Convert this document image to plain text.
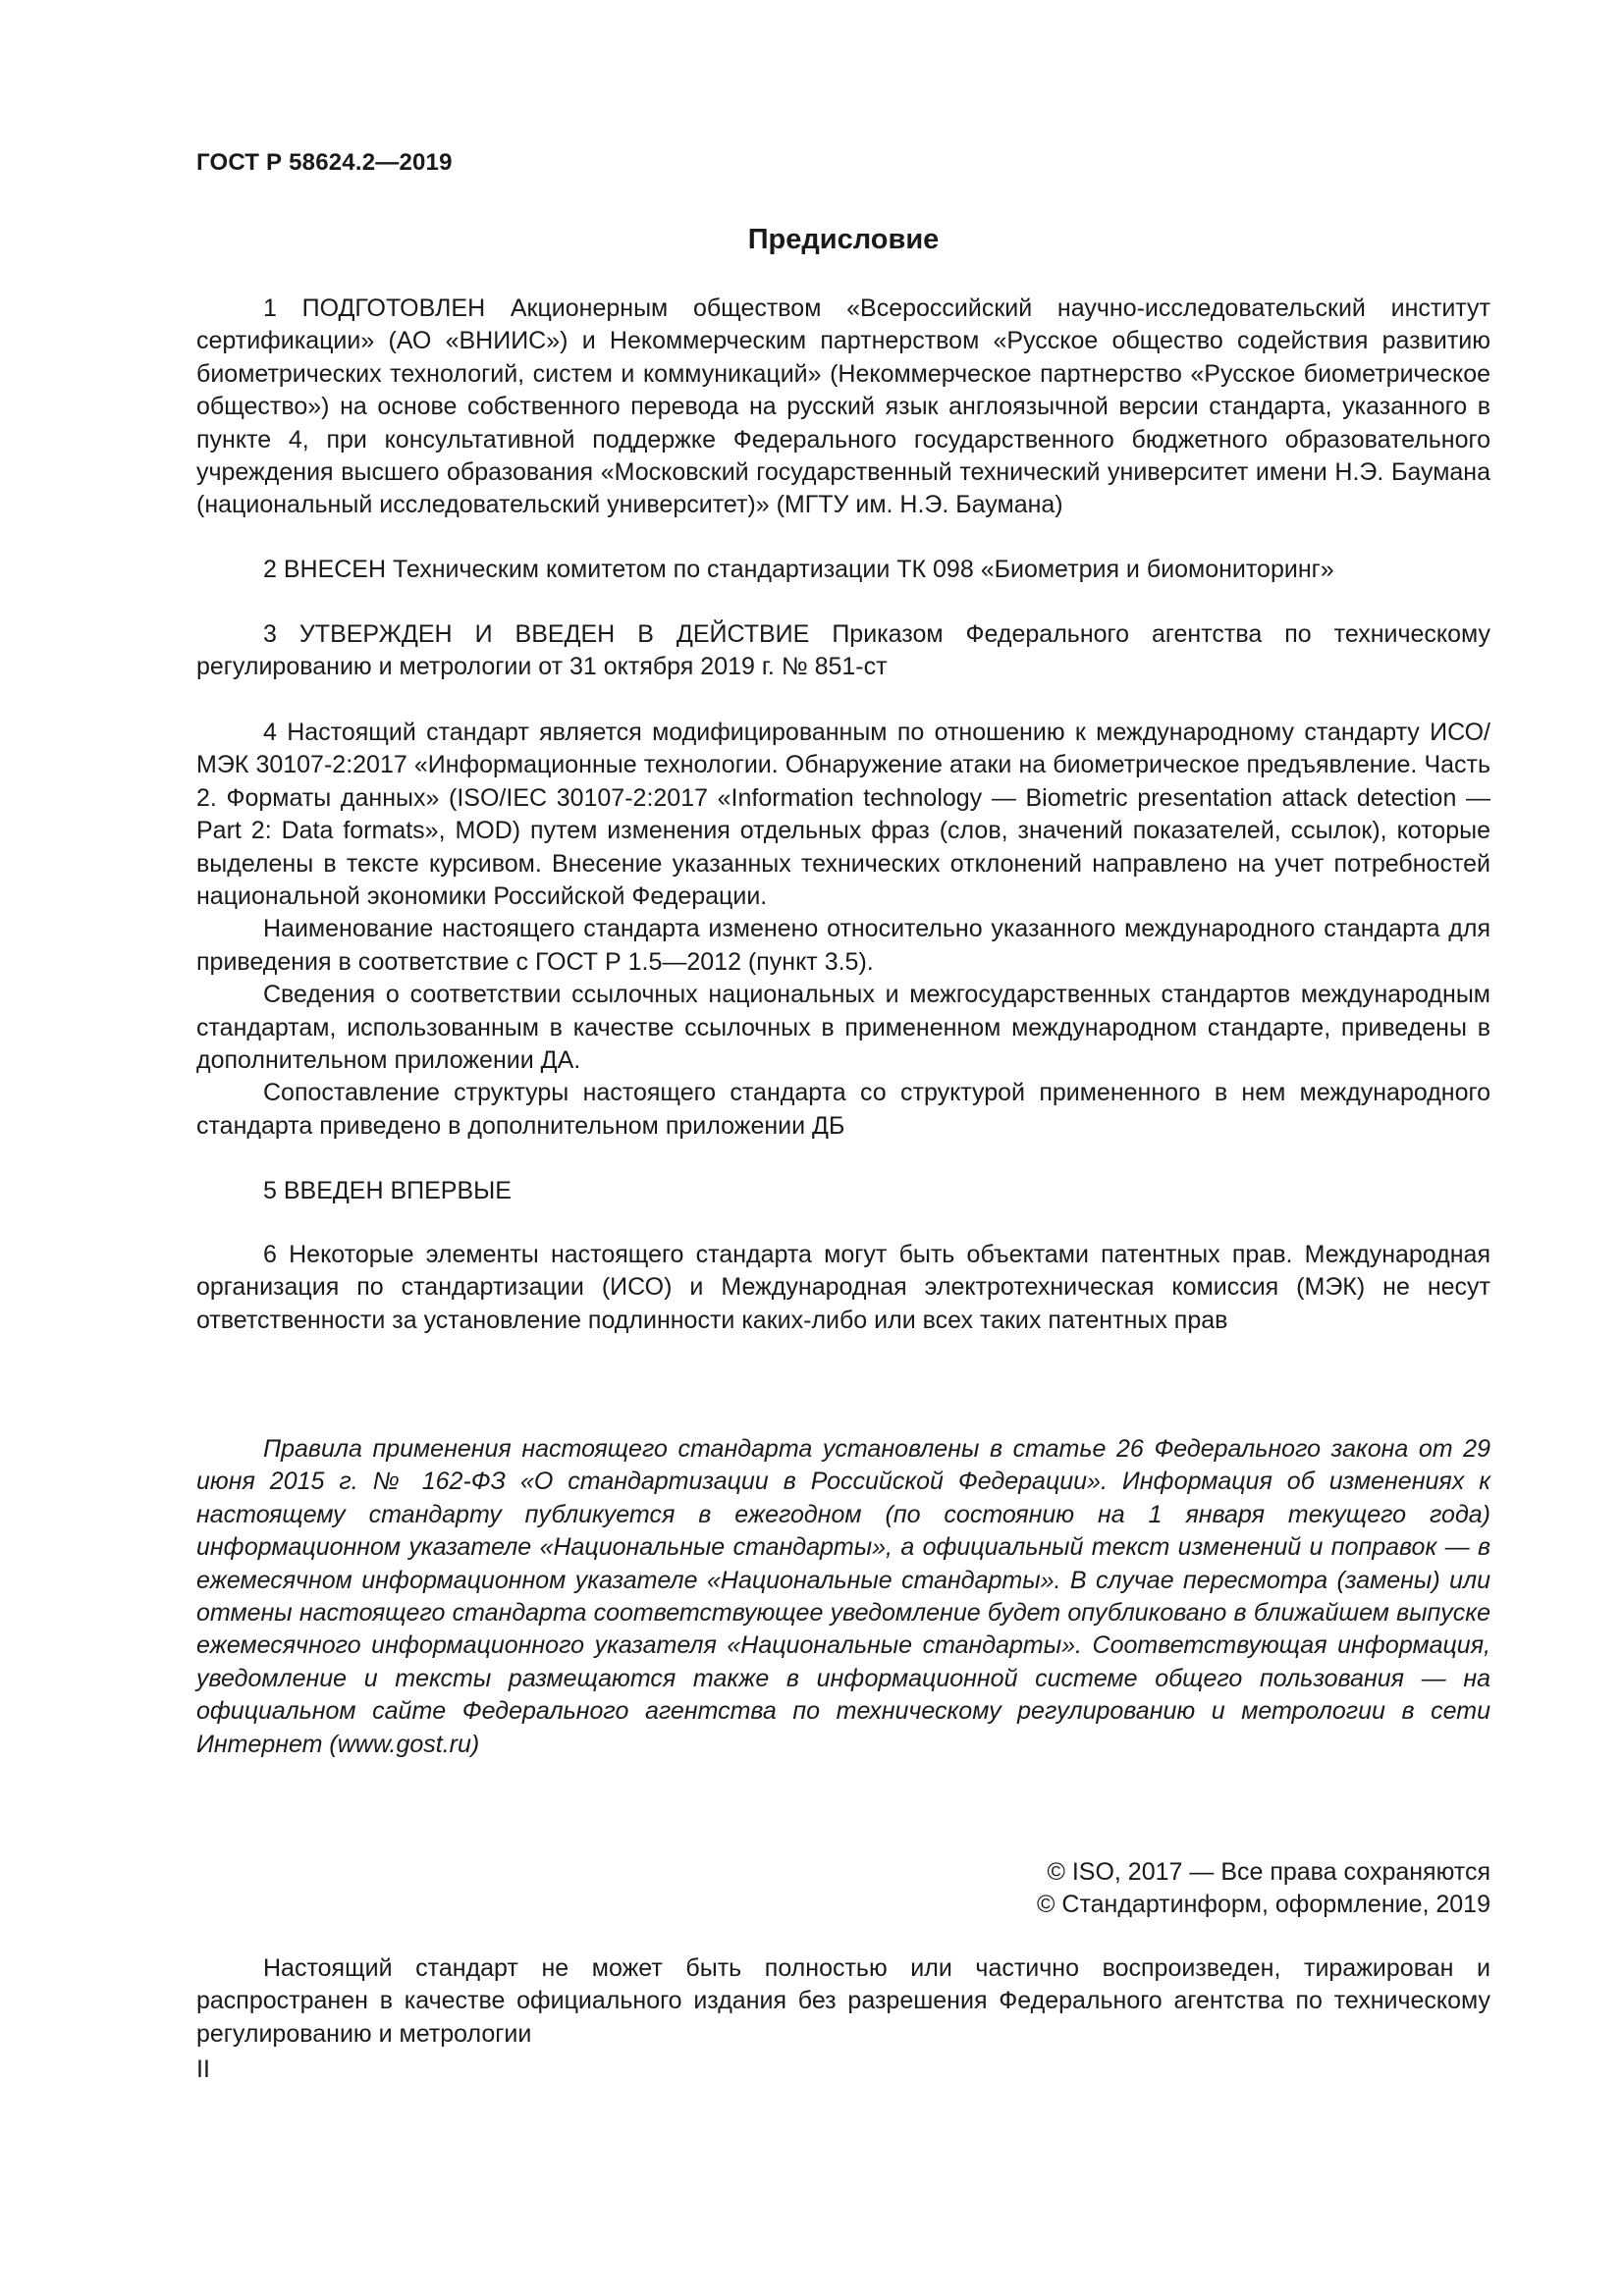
ГОСТ Р 58624.2—2019
Предисловие

1 ПОДГОТОВЛЕН Акционерным обществом «Всероссийский научно-исследовательский институт сертификации» (АО «ВНИИС») и Некоммерческим партнерством «Русское общество содействия развитию биометрических технологий, систем и коммуникаций» (Некоммерческое партнерство «Русское биометрическое общество») на основе собственного перевода на русский язык англоязычной версии стандарта, указанного в пункте 4, при консультативной поддержке Федерального государственного бюджетного образовательного учреждения высшего образования «Московский государственный технический университет имени Н.Э. Баумана (национальный исследовательский университет)» (МГТУ им. Н.Э. Баумана)

2 ВНЕСЕН Техническим комитетом по стандартизации ТК 098 «Биометрия и биомониторинг»

3 УТВЕРЖДЕН И ВВЕДЕН В ДЕЙСТВИЕ Приказом Федерального агентства по техническому регулированию и метрологии от 31 октября 2019 г. № 851-ст

4 Настоящий стандарт является модифицированным по отношению к международному стандарту ИСО/МЭК 30107-2:2017 «Информационные технологии. Обнаружение атаки на биометрическое предъявление. Часть 2. Форматы данных» (ISO/IEC 30107-2:2017 «Information technology — Biometric presentation attack detection — Part 2: Data formats», MOD) путем изменения отдельных фраз (слов, значений показателей, ссылок), которые выделены в тексте курсивом. Внесение указанных технических отклонений направлено на учет потребностей национальной экономики Российской Федерации.

Наименование настоящего стандарта изменено относительно указанного международного стандарта для приведения в соответствие с ГОСТ Р 1.5—2012 (пункт 3.5).

Сведения о соответствии ссылочных национальных и межгосударственных стандартов международным стандартам, использованным в качестве ссылочных в примененном международном стандарте, приведены в дополнительном приложении ДА.

Сопоставление структуры настоящего стандарта со структурой примененного в нем международного стандарта приведено в дополнительном приложении ДБ

5 ВВЕДЕН ВПЕРВЫЕ

6 Некоторые элементы настоящего стандарта могут быть объектами патентных прав. Международная организация по стандартизации (ИСО) и Международная электротехническая комиссия (МЭК) не несут ответственности за установление подлинности каких-либо или всех таких патентных прав

Правила применения настоящего стандарта установлены в статье 26 Федерального закона от 29 июня 2015 г. № 162-ФЗ «О стандартизации в Российской Федерации». Информация об изменениях к настоящему стандарту публикуется в ежегодном (по состоянию на 1 января текущего года) информационном указателе «Национальные стандарты», а официальный текст изменений и поправок — в ежемесячном информационном указателе «Национальные стандарты». В случае пересмотра (замены) или отмены настоящего стандарта соответствующее уведомление будет опубликовано в ближайшем выпуске ежемесячного информационного указателя «Национальные стандарты». Соответствующая информация, уведомление и тексты размещаются также в информационной системе общего пользования — на официальном сайте Федерального агентства по техническому регулированию и метрологии в сети Интернет (www.gost.ru)

© ISO, 2017 — Все права сохраняются
© Стандартинформ, оформление, 2019

Настоящий стандарт не может быть полностью или частично воспроизведен, тиражирован и распространен в качестве официального издания без разрешения Федерального агентства по техническому регулированию и метрологии

II
